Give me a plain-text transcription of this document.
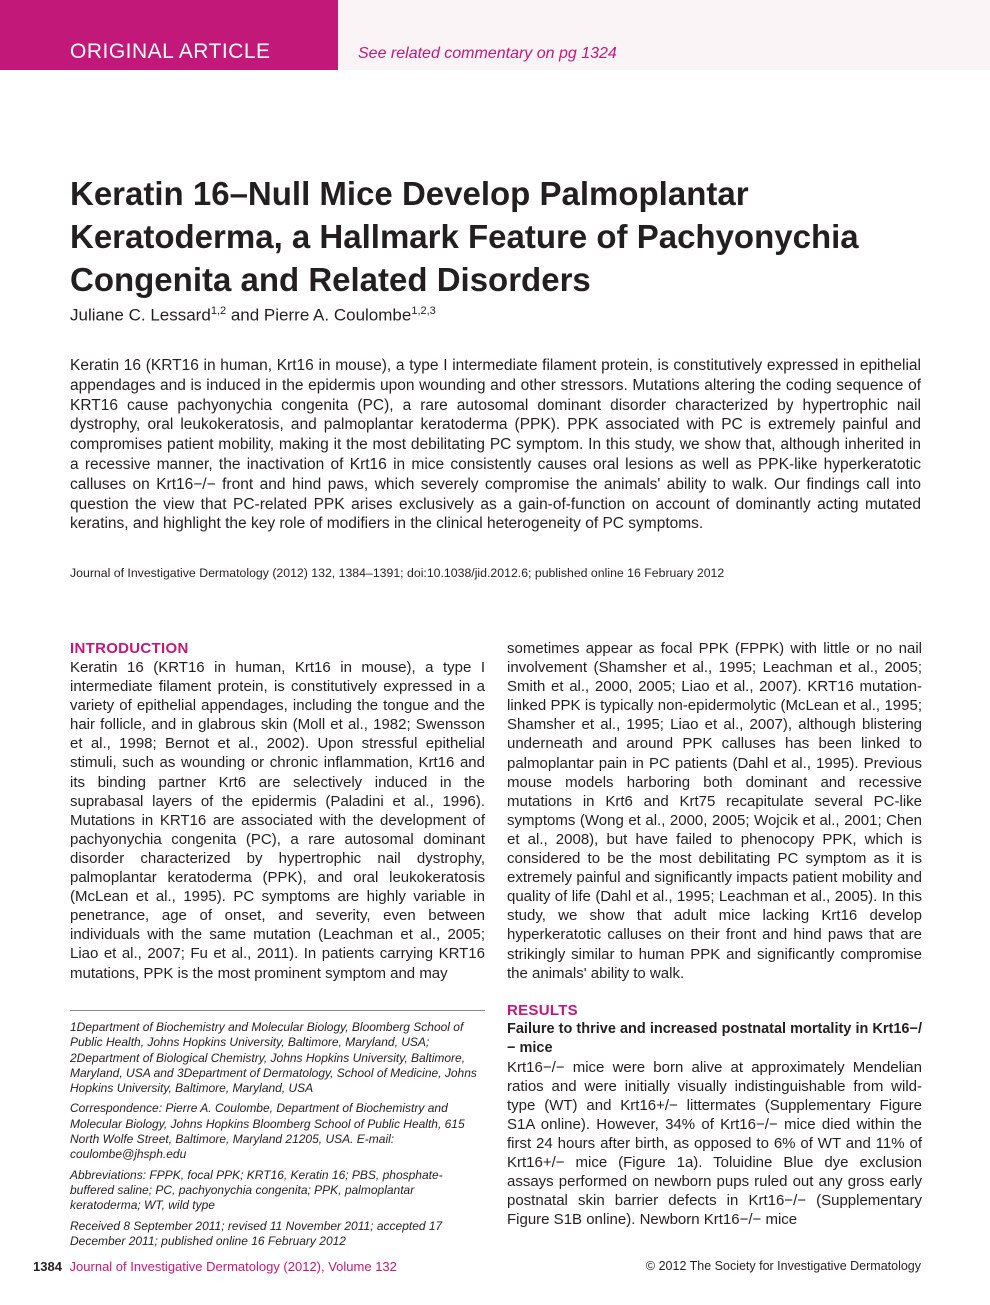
ORIGINAL ARTICLE	See related commentary on pg 1324
Keratin 16–Null Mice Develop Palmoplantar Keratoderma, a Hallmark Feature of Pachyonychia Congenita and Related Disorders
Juliane C. Lessard$^{1,2}$ and Pierre A. Coulombe$^{1,2,3}$

Keratin 16 (KRT16 in human, Krt16 in mouse), a type I intermediate filament protein, is constitutively expressed in epithelial appendages and is induced in the epidermis upon wounding and other stressors. Mutations altering the coding sequence of KRT16 cause pachyonychia congenita (PC), a rare autosomal dominant disorder characterized by hypertrophic nail dystrophy, oral leukokeratosis, and palmoplantar keratoderma (PPK). PPK associated with PC is extremely painful and compromises patient mobility, making it the most debilitating PC symptom. In this study, we show that, although inherited in a recessive manner, the inactivation of Krt16 in mice consistently causes oral lesions as well as PPK-like hyperkeratotic calluses on Krt16−/− front and hind paws, which severely compromise the animals' ability to walk. Our findings call into question the view that PC-related PPK arises exclusively as a gain-of-function on account of dominantly acting mutated keratins, and highlight the key role of modifiers in the clinical heterogeneity of PC symptoms.

Journal of Investigative Dermatology (2012) 132, 1384–1391; doi:10.1038/jid.2012.6; published online 16 February 2012
INTRODUCTION

Keratin 16 (KRT16 in human, Krt16 in mouse), a type I intermediate filament protein, is constitutively expressed in a variety of epithelial appendages, including the tongue and the hair follicle, and in glabrous skin (Moll et al., 1982; Swensson et al., 1998; Bernot et al., 2002). Upon stressful epithelial stimuli, such as wounding or chronic inflammation, Krt16 and its binding partner Krt6 are selectively induced in the suprabasal layers of the epidermis (Paladini et al., 1996). Mutations in KRT16 are associated with the development of pachyonychia congenita (PC), a rare autosomal dominant disorder characterized by hypertrophic nail dystrophy, palmoplantar keratoderma (PPK), and oral leukokeratosis (McLean et al., 1995). PC symptoms are highly variable in penetrance, age of onset, and severity, even between individuals with the same mutation (Leachman et al., 2005; Liao et al., 2007; Fu et al., 2011). In patients carrying KRT16 mutations, PPK is the most prominent symptom and may

1Department of Biochemistry and Molecular Biology, Bloomberg School of Public Health, Johns Hopkins University, Baltimore, Maryland, USA; 2Department of Biological Chemistry, Johns Hopkins University, Baltimore, Maryland, USA and 3Department of Dermatology, School of Medicine, Johns Hopkins University, Baltimore, Maryland, USA

Correspondence: Pierre A. Coulombe, Department of Biochemistry and Molecular Biology, Johns Hopkins Bloomberg School of Public Health, 615 North Wolfe Street, Baltimore, Maryland 21205, USA. E-mail: coulombe@jhsph.edu

Abbreviations: FPPK, focal PPK; KRT16, Keratin 16; PBS, phosphate-buffered saline; PC, pachyonychia congenita; PPK, palmoplantar keratoderma; WT, wild type

Received 8 September 2011; revised 11 November 2011; accepted 17 December 2011; published online 16 February 2012

sometimes appear as focal PPK (FPPK) with little or no nail involvement (Shamsher et al., 1995; Leachman et al., 2005; Smith et al., 2000, 2005; Liao et al., 2007). KRT16 mutation-linked PPK is typically non-epidermolytic (McLean et al., 1995; Shamsher et al., 1995; Liao et al., 2007), although blistering underneath and around PPK calluses has been linked to palmoplantar pain in PC patients (Dahl et al., 1995). Previous mouse models harboring both dominant and recessive mutations in Krt6 and Krt75 recapitulate several PC-like symptoms (Wong et al., 2000, 2005; Wojcik et al., 2001; Chen et al., 2008), but have failed to phenocopy PPK, which is considered to be the most debilitating PC symptom as it is extremely painful and significantly impacts patient mobility and quality of life (Dahl et al., 1995; Leachman et al., 2005). In this study, we show that adult mice lacking Krt16 develop hyperkeratotic calluses on their front and hind paws that are strikingly similar to human PPK and significantly compromise the animals' ability to walk.

RESULTS
Failure to thrive and increased postnatal mortality in Krt16−/− mice

Krt16−/− mice were born alive at approximately Mendelian ratios and were initially visually indistinguishable from wild-type (WT) and Krt16+/− littermates (Supplementary Figure S1A online). However, 34% of Krt16−/− mice died within the first 24 hours after birth, as opposed to 6% of WT and 11% of Krt16+/− mice (Figure 1a). Toluidine Blue dye exclusion assays performed on newborn pups ruled out any gross early postnatal skin barrier defects in Krt16−/− (Supplementary Figure S1B online). Newborn Krt16−/− mice

1384 Journal of Investigative Dermatology (2012), Volume 132	© 2012 The Society for Investigative Dermatology
